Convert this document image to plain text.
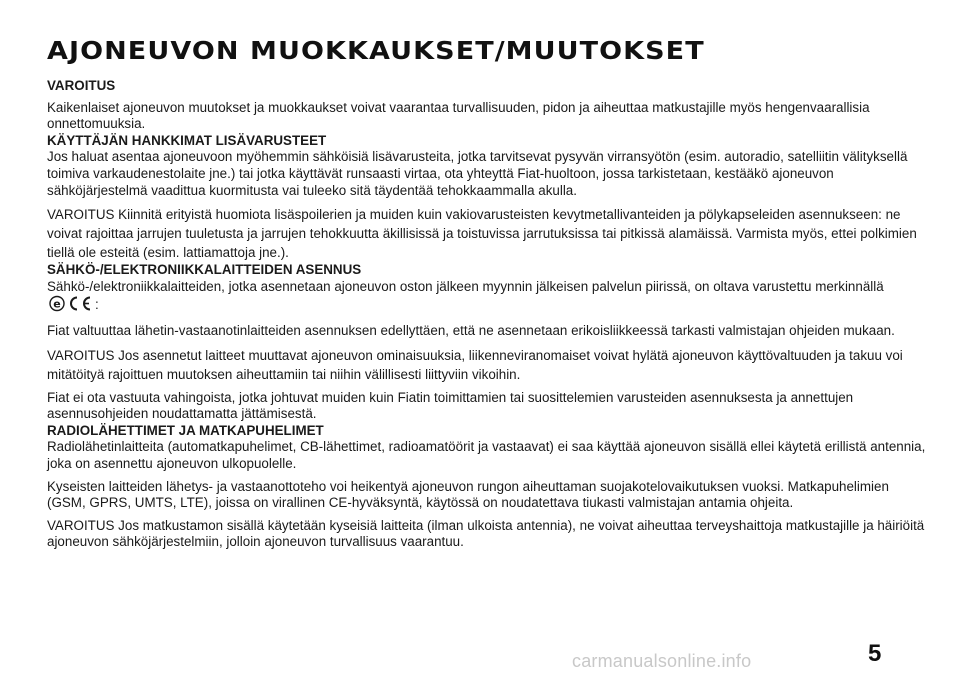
AJONEUVON MUOKKAUKSET/MUUTOKSET
VAROITUS

Kaikenlaiset ajoneuvon muutokset ja muokkaukset voivat vaarantaa turvallisuuden, pidon ja aiheuttaa matkustajille myös hengenvaarallisia onnettomuuksia.

KÄYTTÄJÄN HANKKIMAT LISÄVARUSTEET

Jos haluat asentaa ajoneuvoon myöhemmin sähköisiä lisävarusteita, jotka tarvitsevat pysyvän virransyötön (esim. autoradio, satelliitin välityksellä toimiva varkaudenestolaite jne.) tai jotka käyttävät runsaasti virtaa, ota yhteyttä Fiat-huoltoon, jossa tarkistetaan, kestääkö ajoneuvon sähköjärjestelmä vaadittua kuormitusta vai tuleeko sitä täydentää tehokkaammalla akulla.

VAROITUS Kiinnitä erityistä huomiota lisäspoilerien ja muiden kuin vakiovarusteisten kevytmetallivanteiden ja pölykapseleiden asennukseen: ne voivat rajoittaa jarrujen tuuletusta ja jarrujen tehokkuutta äkillisissä ja toistuvissa jarrutuksissa tai pitkissä alamäissä. Varmista myös, ettei polkimien tiellä ole esteitä (esim. lattiamattoja jne.).

SÄHKÖ-/ELEKTRONIIKKALAITTEIDEN ASENNUS

Sähkö-/elektroniikkalaitteiden, jotka asennetaan ajoneuvon oston jälkeen myynnin jälkeisen palvelun piirissä, on oltava varustettu merkinnällä
e	:

Fiat valtuuttaa lähetin-vastaanotinlaitteiden asennuksen edellyttäen, että ne asennetaan erikoisliikkeessä tarkasti valmistajan ohjeiden mukaan.

VAROITUS Jos asennetut laitteet muuttavat ajoneuvon ominaisuuksia, liikenneviranomaiset voivat hylätä ajoneuvon käyttövaltuuden ja takuu voi mitätöityä rajoittuen muutoksen aiheuttamiin tai niihin välillisesti liittyviin vikoihin.

Fiat ei ota vastuuta vahingoista, jotka johtuvat muiden kuin Fiatin toimittamien tai suosittelemien varusteiden asennuksesta ja annettujen asennusohjeiden noudattamatta jättämisestä.

RADIOLÄHETTIMET JA MATKAPUHELIMET

Radiolähetinlaitteita (automatkapuhelimet, CB-lähettimet, radioamatöörit ja vastaavat) ei saa käyttää ajoneuvon sisällä ellei käytetä erillistä antennia, joka on asennettu ajoneuvon ulkopuolelle.

Kyseisten laitteiden lähetys- ja vastaanottoteho voi heikentyä ajoneuvon rungon aiheuttaman suojakotelovaikutuksen vuoksi. Matkapuhelimien (GSM, GPRS, UMTS, LTE), joissa on virallinen CE-hyväksyntä, käytössä on noudatettava tiukasti valmistajan antamia ohjeita.

VAROITUS Jos matkustamon sisällä käytetään kyseisiä laitteita (ilman ulkoista antennia), ne voivat aiheuttaa terveyshaittoja matkustajille ja häiriöitä ajoneuvon sähköjärjestelmiin, jolloin ajoneuvon turvallisuus vaarantuu.

5
carmanualsonline.info
